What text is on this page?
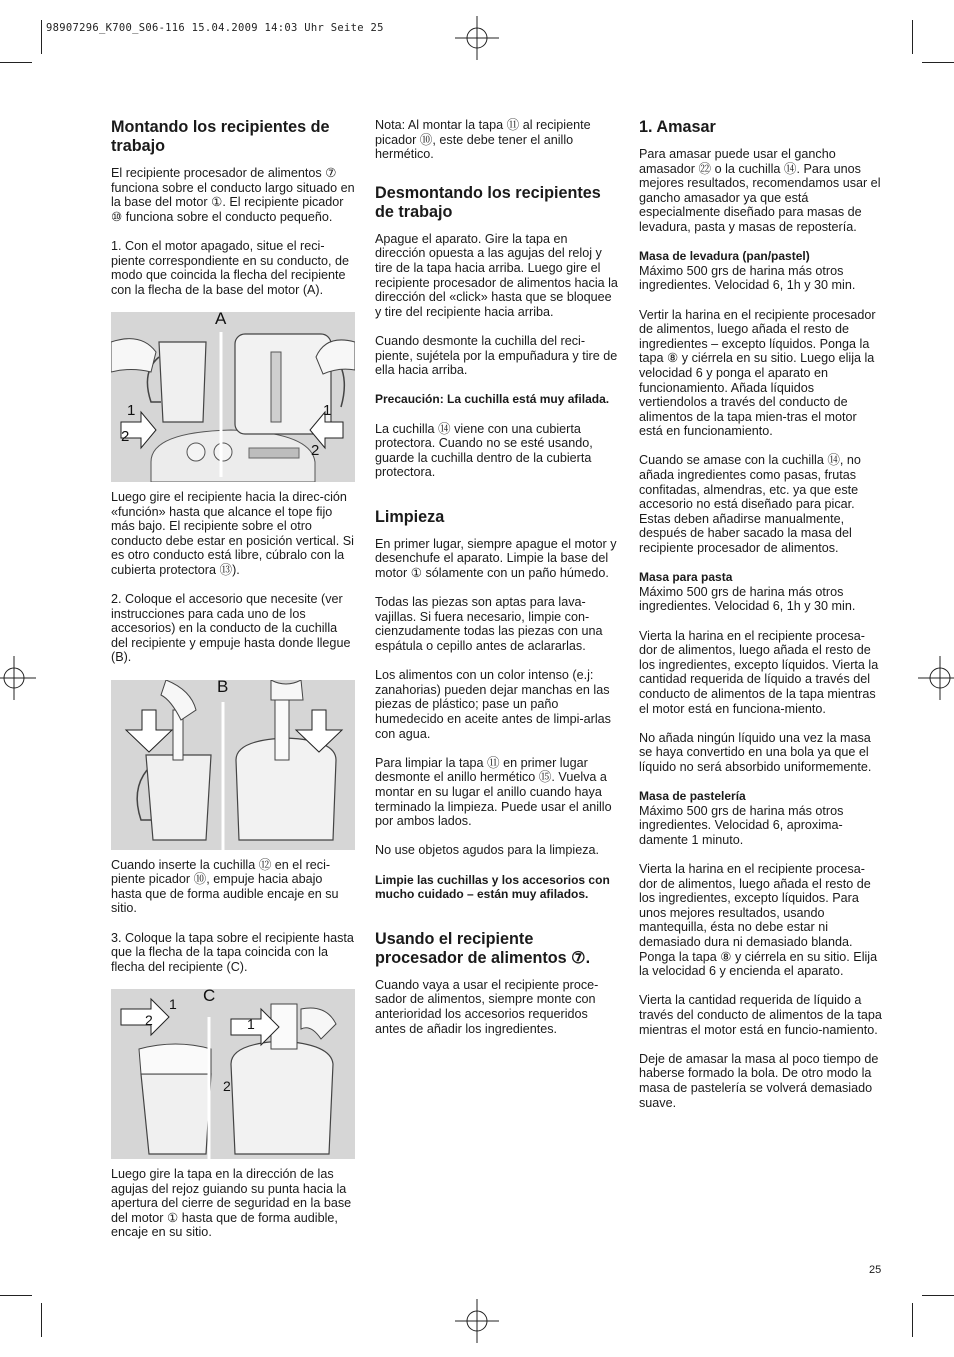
98907296_K700_S06-116 15.04.2009 14:03 Uhr Seite 25
Montando los recipientes de trabajo

El recipiente procesador de alimentos ⑦ funciona sobre el conducto largo situado en la base del motor ①. El recipiente picador ⑩ funciona sobre el conducto pequeño.

1. Con el motor apagado, situe el reci-piente correspondiente en su conducto, de modo que coincida la flecha del recipiente con la flecha de la base del motor (A).

A
1
2
1
2

Luego gire el recipiente hacia la direc-ción «función» hasta que alcance el tope fijo más bajo. El recipiente sobre el otro conducto debe estar en posición vertical. Si es otro conducto está libre, cúbralo con la cubierta protectora ⑬).

2. Coloque el accesorio que necesite (ver instrucciones para cada uno de los accesorios) en la conducto de la cuchilla del recipiente y empuje hasta donde llegue (B).

B

Cuando inserte la cuchilla ⑫ en el reci-piente picador ⑩, empuje hacia abajo hasta que de forma audible encaje en su sitio.

3. Coloque la tapa sobre el recipiente hasta que la flecha de la tapa coincida con la flecha del recipiente (C).

C
1
2	1
2

Luego gire la tapa en la dirección de las agujas del rejoz guiando su punta hacia la apertura del cierre de seguridad en la base del motor ① hasta que de forma audible, encaje en su sitio.

Nota: Al montar la tapa ⑪ al recipiente picador ⑩, este debe tener el anillo hermético.

Desmontando los recipientes de trabajo

Apague el aparato. Gire la tapa en dirección opuesta a las agujas del reloj y tire de la tapa hacia arriba. Luego gire el recipiente procesador de alimentos hacia la dirección del «click» hasta que se bloquee y tire del recipiente hacia arriba.

Cuando desmonte la cuchilla del reci-piente, sujétela por la empuñadura y tire de ella hacia arriba.

Precaución: La cuchilla está muy afilada.

La cuchilla ⑭ viene con una cubierta protectora. Cuando no se esté usando, guarde la cuchilla dentro de la cubierta protectora.

Limpieza

En primer lugar, siempre apague el motor y desenchufe el aparato. Limpie la base del motor ① sólamente con un paño húmedo.

Todas las piezas son aptas para lava-vajillas. Si fuera necesario, limpie con-cienzudamente todas las piezas con una espátula o cepillo antes de aclararlas.

Los alimentos con un color intenso (e.j: zanahorias) pueden dejar manchas en las piezas de plástico; pase un paño humedecido en aceite antes de limpi-arlas con agua.

Para limpiar la tapa ⑪ en primer lugar desmonte el anillo hermético ⑮. Vuelva a montar en su lugar el anillo cuando haya terminado la limpieza. Puede usar el anillo por ambos lados.

No use objetos agudos para la limpieza.

Limpie las cuchillas y los accesorios con mucho cuidado – están muy afilados.

Usando el recipiente procesador de alimentos ⑦.

Cuando vaya a usar el recipiente proce-sador de alimentos, siempre monte con anterioridad los accesorios requeridos antes de añadir los ingredientes.

1. Amasar

Para amasar puede usar el gancho amasador ㉒ o la cuchilla ⑭. Para unos mejores resultados, recomendamos usar el gancho amasador ya que está especialmente diseñado para masas de levadura, pasta y masas de repostería.

Masa de levadura (pan/pastel)
Máximo 500 grs de harina más otros ingredientes. Velocidad 6, 1h y 30 min.

Vertir la harina en el recipiente procesador de alimentos, luego añada el resto de ingredientes – excepto líquidos. Ponga la tapa ⑧ y ciérrela en su sitio. Luego elija la velocidad 6 y ponga el aparato en funcionamiento. Añada líquidos vertiendolos a través del conducto de alimentos de la tapa mien-tras el motor está en funcionamiento.

Cuando se amase con la cuchilla ⑭, no añada ingredientes como pasas, frutas confitadas, almendras, etc. ya que este accesorio no está diseñado para picar. Estas deben añadirse manualmente, después de haber sacado la masa del recipiente procesador de alimentos.

Masa para pasta
Máximo 500 grs de harina más otros ingredientes. Velocidad 6, 1h y 30 min.

Vierta la harina en el recipiente procesa-dor de alimentos, luego añada el resto de los ingredientes, excepto líquidos. Vierta la cantidad requerida de líquido a través del conducto de alimentos de la tapa mientras el motor está en funciona-miento.

No añada ningún líquido una vez la masa se haya convertido en una bola ya que el líquido no será absorbido uniformemente.

Masa de pastelería
Máximo 500 grs de harina más otros ingredientes. Velocidad 6, aproxima-damente 1 minuto.

Vierta la harina en el recipiente procesa-dor de alimentos, luego añada el resto de los ingredientes, excepto líquidos. Para unos mejores resultados, usando mantequilla, ésta no debe estar ni demasiado dura ni demasiado blanda. Ponga la tapa ⑧ y ciérrela en su sitio. Elija la velocidad 6 y encienda el aparato.

Vierta la cantidad requerida de líquido a través del conducto de alimentos de la tapa mientras el motor está en funcio-namiento.

Deje de amasar la masa al poco tiempo de haberse formado la bola. De otro modo la masa de pastelería se volverá demasiado suave.

25
